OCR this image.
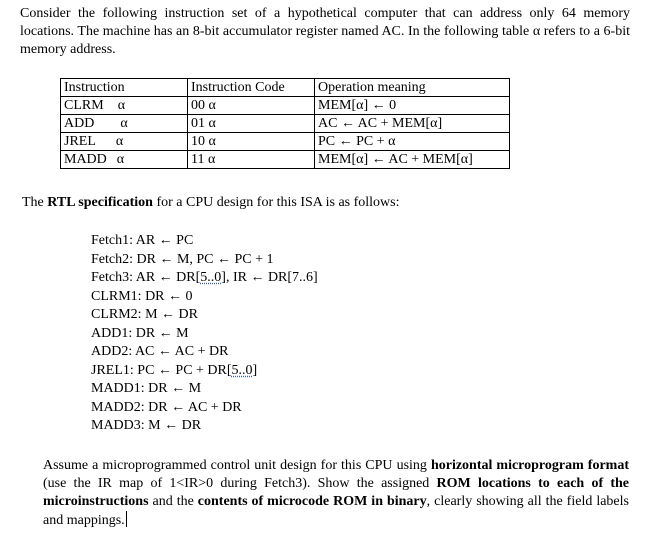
Consider the following instruction set of a hypothetical computer that can address only 64 memory locations. The machine has an 8-bit accumulator register named AC. In the following table α refers to a 6-bit memory address.

Instruction	Instruction Code	Operation meaning
CLRM α	00 α	MEM[α] ← 0
ADD α	01 α	AC ← AC + MEM[α]
JREL α	10 α	PC ← PC + α
MADD α	11 α	MEM[α] ← AC + MEM[α]

The RTL specification for a CPU design for this ISA is as follows:

Fetch1: AR ← PC
Fetch2: DR ← M, PC ← PC + 1
Fetch3: AR ← DR[5..0], IR ← DR[7..6]
CLRM1: DR ← 0
CLRM2: M ← DR
ADD1: DR ← M
ADD2: AC ← AC + DR
JREL1: PC ← PC + DR[5..0]
MADD1: DR ← M
MADD2: DR ← AC + DR
MADD3: M ← DR

Assume a microprogrammed control unit design for this CPU using horizontal microprogram format (use the IR map of 1<IR>0 during Fetch3). Show the assigned ROM locations to each of the microinstructions and the contents of microcode ROM in binary, clearly showing all the field labels and mappings.
